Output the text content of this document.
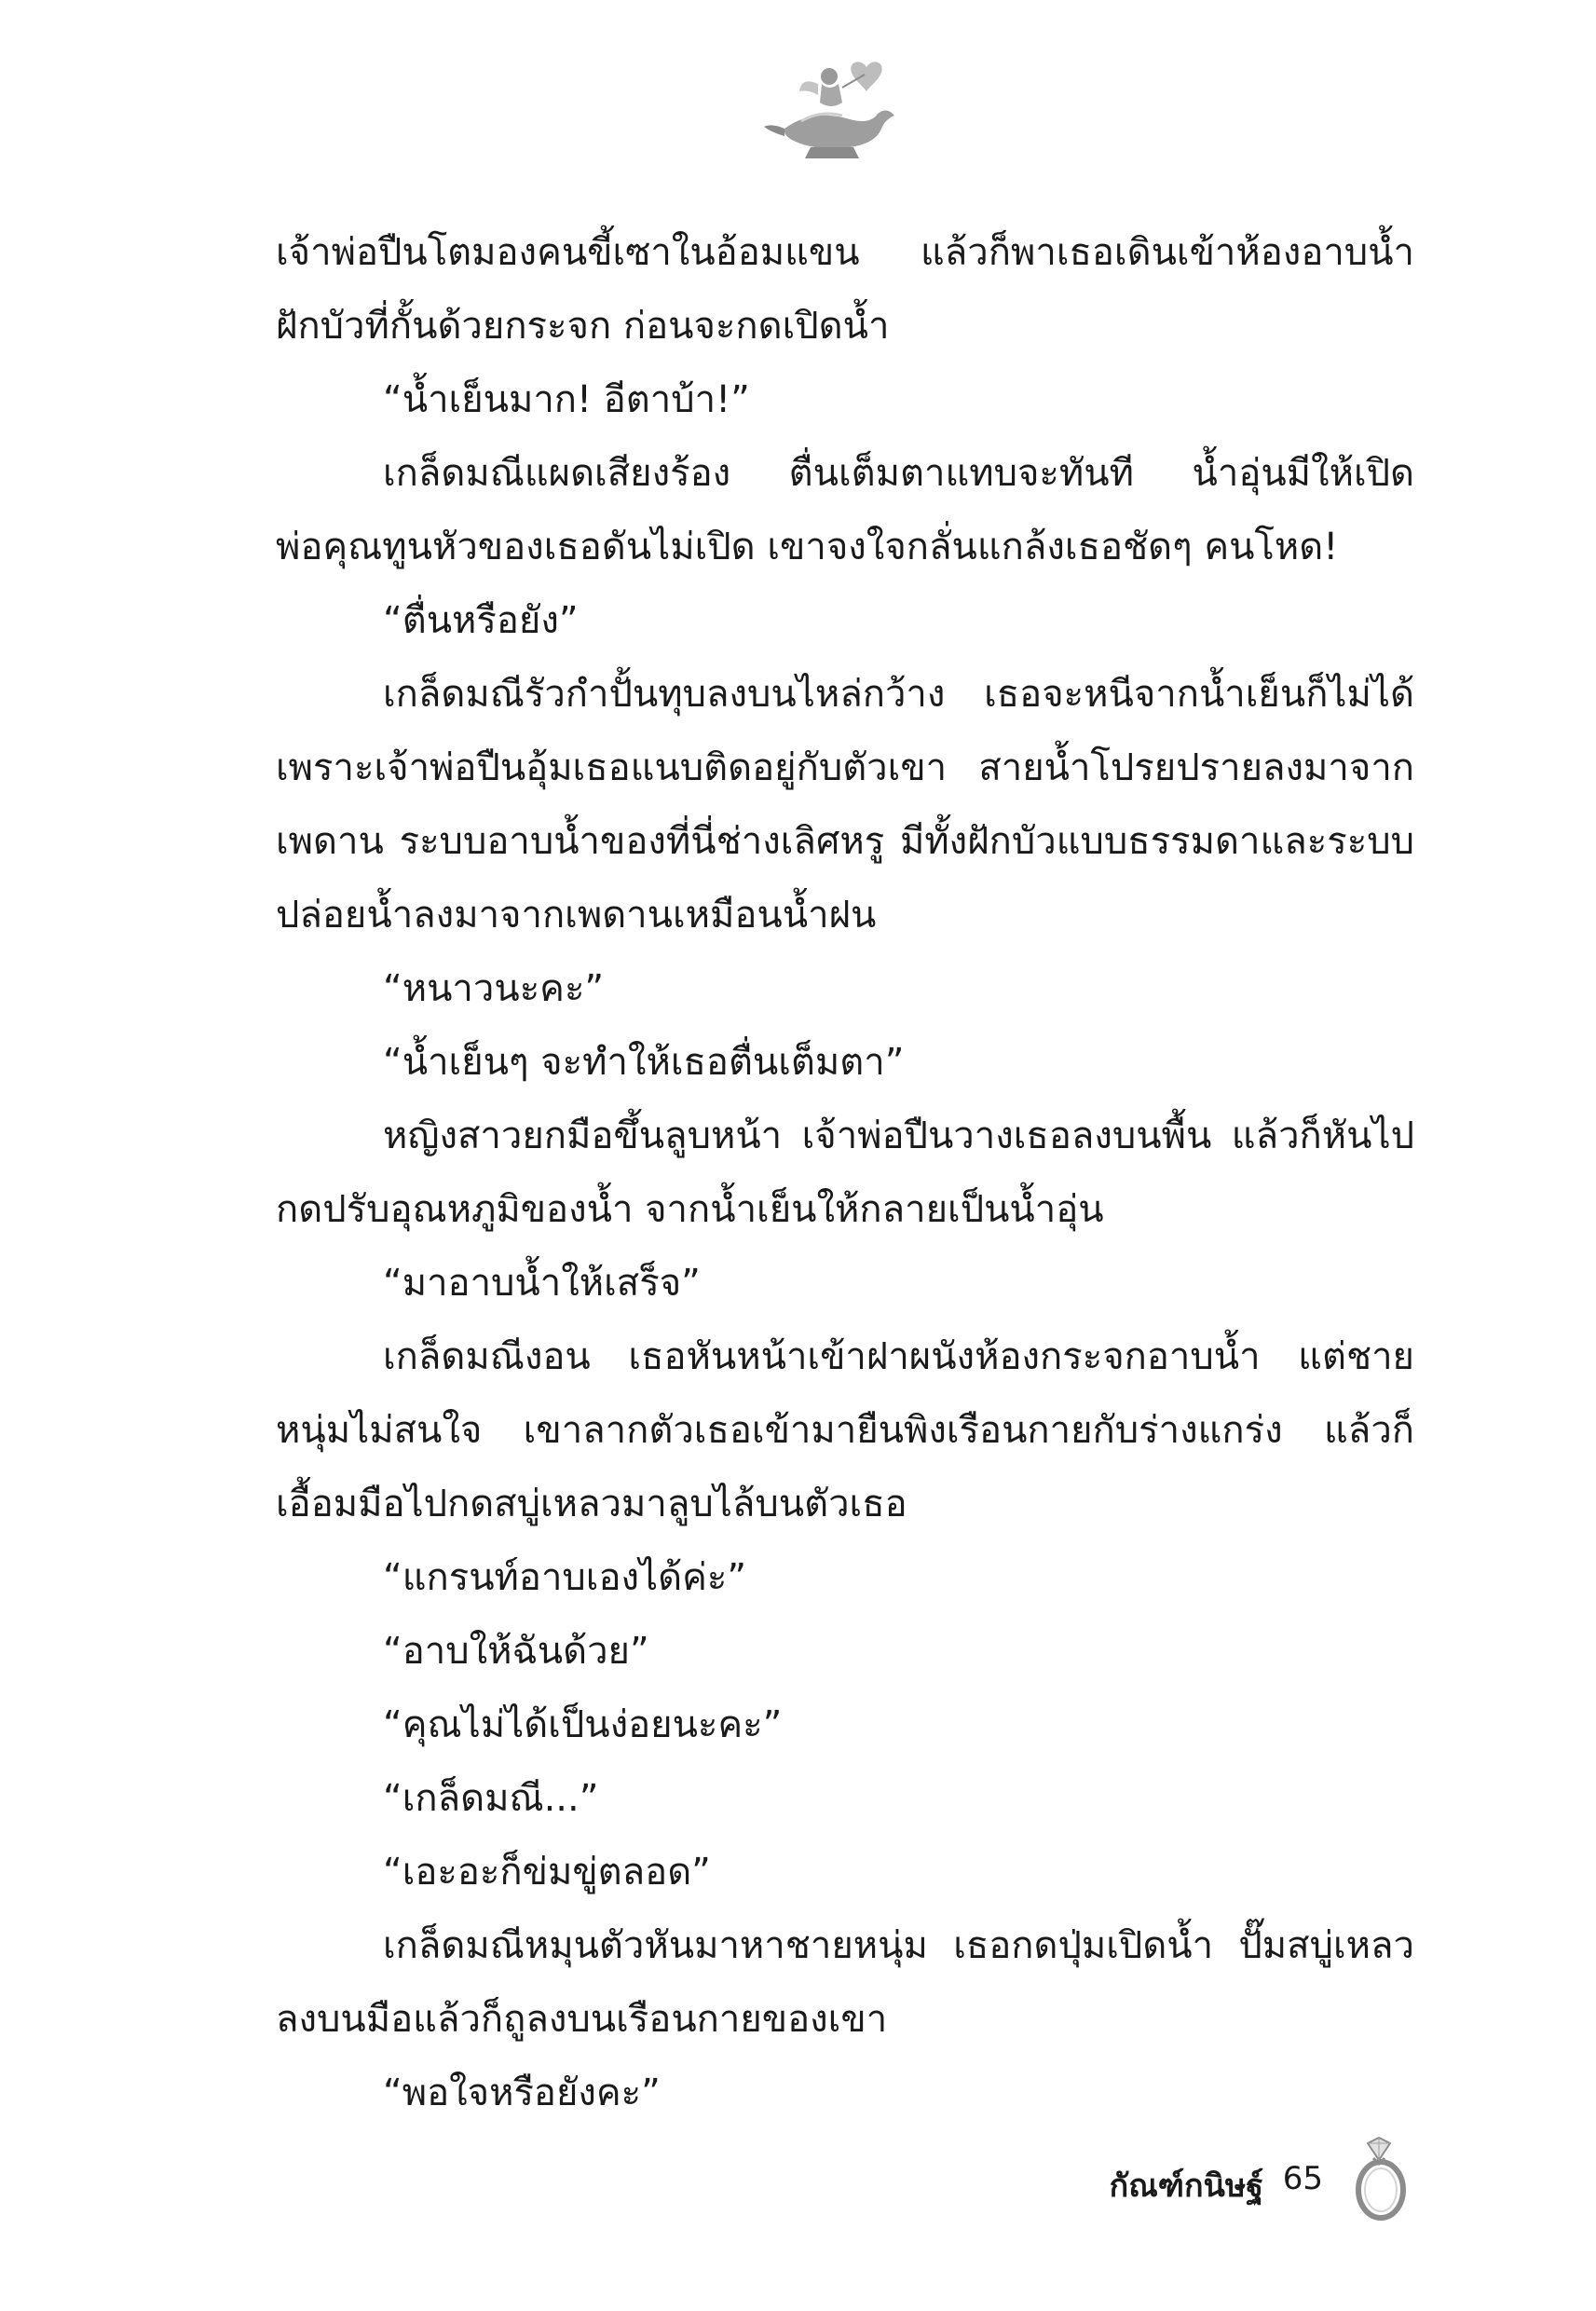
เจ้าพ่อปืนโตมองคนขี้เซาในอ้อมแขน แล้วก็พาเธอเดินเข้าห้องอาบน้ำฝักบัวที่กั้นด้วยกระจก ก่อนจะกดเปิดน้ำ

“น้ำเย็นมาก! อีตาบ้า!”

เกล็ดมณีแผดเสียงร้อง ตื่นเต็มตาแทบจะทันที น้ำอุ่นมีให้เปิดพ่อคุณทูนหัวของเธอดันไม่เปิด เขาจงใจกลั่นแกล้งเธอชัดๆ คนโหด!

“ตื่นหรือยัง”

เกล็ดมณีรัวกำปั้นทุบลงบนไหล่กว้าง เธอจะหนีจากน้ำเย็นก็ไม่ได้ เพราะเจ้าพ่อปืนอุ้มเธอแนบติดอยู่กับตัวเขา สายน้ำโปรยปรายลงมาจากเพดาน ระบบอาบน้ำของที่นี่ช่างเลิศหรู มีทั้งฝักบัวแบบธรรมดาและระบบปล่อยน้ำลงมาจากเพดานเหมือนน้ำฝน

“หนาวนะคะ”

“น้ำเย็นๆ จะทำให้เธอตื่นเต็มตา”

หญิงสาวยกมือขึ้นลูบหน้า เจ้าพ่อปืนวางเธอลงบนพื้น แล้วก็หันไปกดปรับอุณหภูมิของน้ำ จากน้ำเย็นให้กลายเป็นน้ำอุ่น

“มาอาบน้ำให้เสร็จ”

เกล็ดมณีงอน เธอหันหน้าเข้าฝาผนังห้องกระจกอาบน้ำ แต่ชายหนุ่มไม่สนใจ เขาลากตัวเธอเข้ามายืนพิงเรือนกายกับร่างแกร่ง แล้วก็เอื้อมมือไปกดสบู่เหลวมาลูบไล้บนตัวเธอ

“แกรนท์อาบเองได้ค่ะ”

“อาบให้ฉันด้วย”

“คุณไม่ได้เป็นง่อยนะคะ”

“เกล็ดมณี...”

“เอะอะก็ข่มขู่ตลอด”

เกล็ดมณีหมุนตัวหันมาหาชายหนุ่ม เธอกดปุ่มเปิดน้ำ ปั๊มสบู่เหลวลงบนมือแล้วก็ถูลงบนเรือนกายของเขา

“พอใจหรือยังคะ”

กัณฑ์กนิษฐ์ 65
